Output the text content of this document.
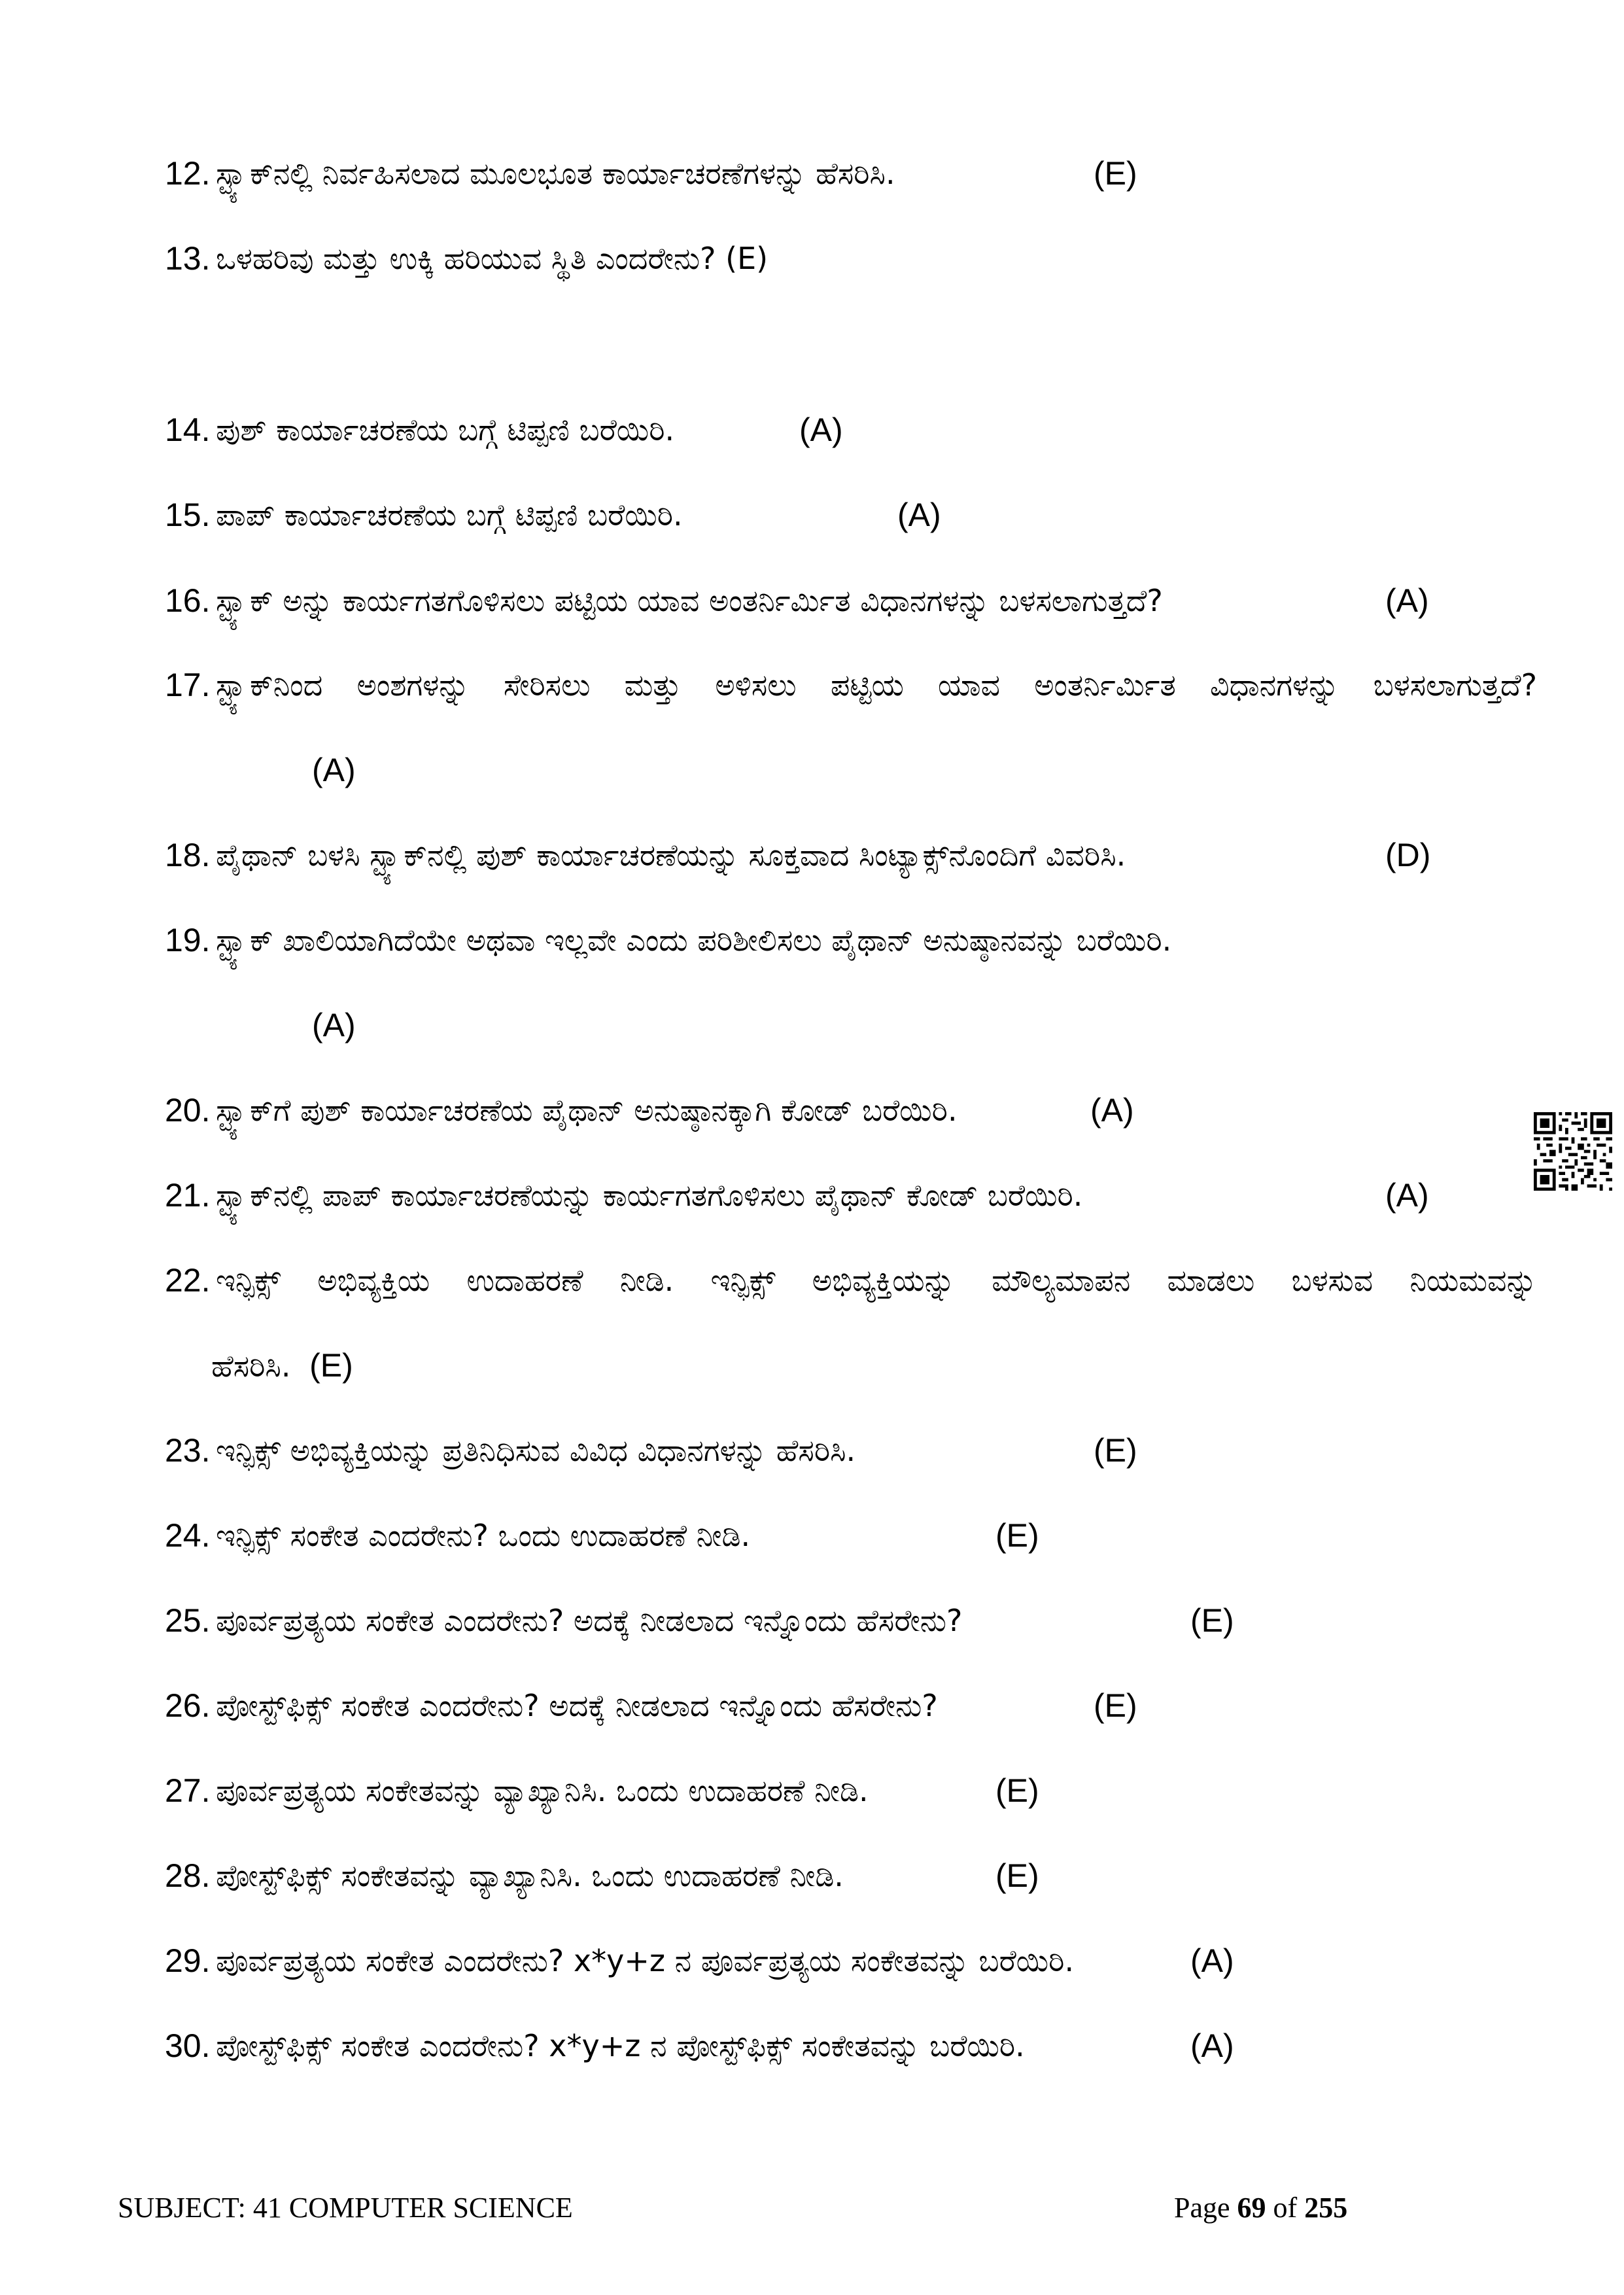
12. ಸ್ಟ್ಯಾಕ್‌ನಲ್ಲಿ ನಿರ್ವಹಿಸಲಾದ ಮೂಲಭೂತ ಕಾರ್ಯಾಚರಣೆಗಳನ್ನು ಹೆಸರಿಸಿ.	(E)
13. ಒಳಹರಿವು ಮತ್ತು ಉಕ್ಕಿ ಹರಿಯುವ ಸ್ಥಿತಿ ಎಂದರೇನು? (E)
14. ಪುಶ್ ಕಾರ್ಯಾಚರಣೆಯ ಬಗ್ಗೆ ಟಿಪ್ಪಣಿ ಬರೆಯಿರಿ.	(A)
15. ಪಾಪ್ ಕಾರ್ಯಾಚರಣೆಯ ಬಗ್ಗೆ ಟಿಪ್ಪಣಿ ಬರೆಯಿರಿ.	(A)
16. ಸ್ಟ್ಯಾಕ್ ಅನ್ನು ಕಾರ್ಯಗತಗೊಳಿಸಲು ಪಟ್ಟಿಯ ಯಾವ ಅಂತರ್ನಿರ್ಮಿತ ವಿಧಾನಗಳನ್ನು ಬಳಸಲಾಗುತ್ತದೆ?	(A)
17. ಸ್ಟ್ಯಾಕ್‌ನಿಂದ ಅಂಶಗಳನ್ನು ಸೇರಿಸಲು ಮತ್ತು ಅಳಿಸಲು ಪಟ್ಟಿಯ ಯಾವ ಅಂತರ್ನಿರ್ಮಿತ ವಿಧಾನಗಳನ್ನು ಬಳಸಲಾಗುತ್ತದೆ?
(A)
18. ಪೈಥಾನ್ ಬಳಸಿ ಸ್ಟ್ಯಾಕ್‌ನಲ್ಲಿ ಪುಶ್ ಕಾರ್ಯಾಚರಣೆಯನ್ನು ಸೂಕ್ತವಾದ ಸಿಂಟ್ಯಾಕ್ಸ್‌ನೊಂದಿಗೆ ವಿವರಿಸಿ.	(D)
19. ಸ್ಟ್ಯಾಕ್ ಖಾಲಿಯಾಗಿದೆಯೇ ಅಥವಾ ಇಲ್ಲವೇ ಎಂದು ಪರಿಶೀಲಿಸಲು ಪೈಥಾನ್ ಅನುಷ್ಠಾನವನ್ನು ಬರೆಯಿರಿ.
(A)
20. ಸ್ಟ್ಯಾಕ್‌ಗೆ ಪುಶ್ ಕಾರ್ಯಾಚರಣೆಯ ಪೈಥಾನ್ ಅನುಷ್ಠಾನಕ್ಕಾಗಿ ಕೋಡ್ ಬರೆಯಿರಿ.	(A)
21. ಸ್ಟ್ಯಾಕ್‌ನಲ್ಲಿ ಪಾಪ್ ಕಾರ್ಯಾಚರಣೆಯನ್ನು ಕಾರ್ಯಗತಗೊಳಿಸಲು ಪೈಥಾನ್ ಕೋಡ್ ಬರೆಯಿರಿ.	(A)
22. ಇನ್ಫಿಕ್ಸ್ ಅಭಿವ್ಯಕ್ತಿಯ ಉದಾಹರಣೆ ನೀಡಿ. ಇನ್ಫಿಕ್ಸ್ ಅಭಿವ್ಯಕ್ತಿಯನ್ನು ಮೌಲ್ಯಮಾಪನ ಮಾಡಲು ಬಳಸುವ ನಿಯಮವನ್ನು
ಹೆಸರಿಸಿ. (E)
23. ಇನ್ಫಿಕ್ಸ್ ಅಭಿವ್ಯಕ್ತಿಯನ್ನು ಪ್ರತಿನಿಧಿಸುವ ವಿವಿಧ ವಿಧಾನಗಳನ್ನು ಹೆಸರಿಸಿ.	(E)
24. ಇನ್ಫಿಕ್ಸ್ ಸಂಕೇತ ಎಂದರೇನು? ಒಂದು ಉದಾಹರಣೆ ನೀಡಿ.	(E)
25. ಪೂರ್ವಪ್ರತ್ಯಯ ಸಂಕೇತ ಎಂದರೇನು? ಅದಕ್ಕೆ ನೀಡಲಾದ ಇನ್ನೊಂದು ಹೆಸರೇನು?	(E)
26. ಪೋಸ್ಟ್‌ಫಿಕ್ಸ್ ಸಂಕೇತ ಎಂದರೇನು? ಅದಕ್ಕೆ ನೀಡಲಾದ ಇನ್ನೊಂದು ಹೆಸರೇನು?	(E)
27. ಪೂರ್ವಪ್ರತ್ಯಯ ಸಂಕೇತವನ್ನು ವ್ಯಾಖ್ಯಾನಿಸಿ. ಒಂದು ಉದಾಹರಣೆ ನೀಡಿ.	(E)
28. ಪೋಸ್ಟ್‌ಫಿಕ್ಸ್ ಸಂಕೇತವನ್ನು ವ್ಯಾಖ್ಯಾನಿಸಿ. ಒಂದು ಉದಾಹರಣೆ ನೀಡಿ.	(E)
29. ಪೂರ್ವಪ್ರತ್ಯಯ ಸಂಕೇತ ಎಂದರೇನು? x*y+z ನ ಪೂರ್ವಪ್ರತ್ಯಯ ಸಂಕೇತವನ್ನು ಬರೆಯಿರಿ.	(A)
30. ಪೋಸ್ಟ್‌ಫಿಕ್ಸ್ ಸಂಕೇತ ಎಂದರೇನು? x*y+z ನ ಪೋಸ್ಟ್‌ಫಿಕ್ಸ್ ಸಂಕೇತವನ್ನು ಬರೆಯಿರಿ.	(A)
SUBJECT: 41 COMPUTER SCIENCE	Page 69 of 255
